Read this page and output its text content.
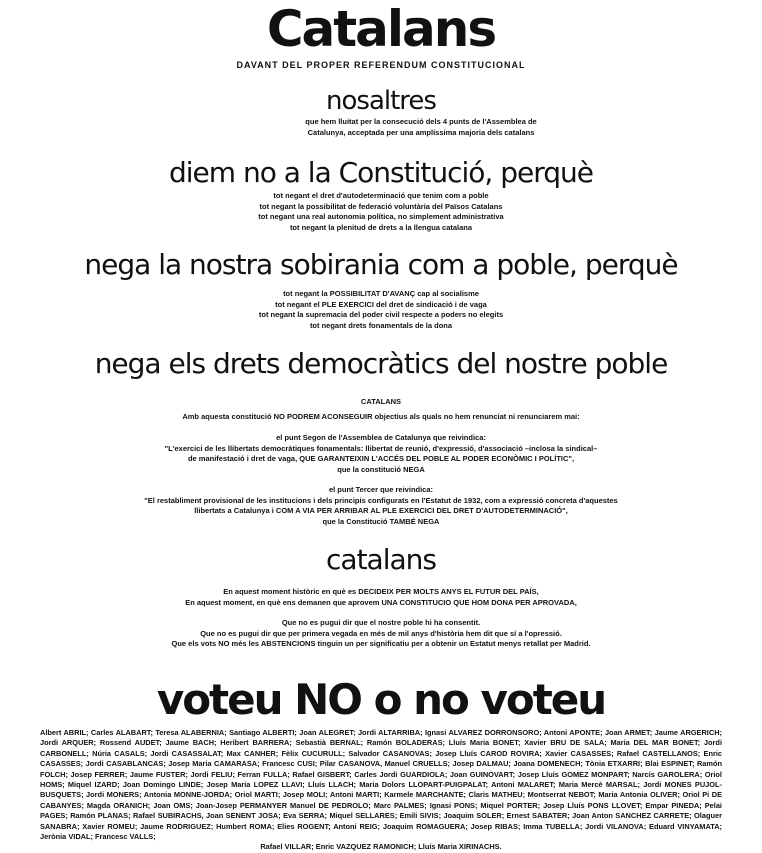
Catalans
DAVANT DEL PROPER REFERENDUM CONSTITUCIONAL
nosaltres
que hem lluitat per la consecució dels 4 punts de l'Assemblea de
Catalunya, acceptada per una amplíssima majoria dels catalans
diem no a la Constitució, perquè
tot negant el dret d'autodeterminació que tenim com a poble
tot negant la possibilitat de federació voluntària del Països Catalans
tot negant una real autonomia política, no simplement administrativa
tot negant la plenitud de drets a la llengua catalana
nega la nostra sobirania com a poble, perquè
tot negant la POSSIBILITAT D'AVANÇ cap al socialisme
tot negant el PLE EXERCICI del dret de sindicació i de vaga
tot negant la supremacia del poder civil respecte a poders no elegits
tot negant drets fonamentals de la dona
nega els drets democràtics del nostre poble
CATALANS
Amb aquesta constitució NO PODREM ACONSEGUIR objectius als quals no hem renunciat ni renunciarem mai:
el punt Segon de l'Assemblea de Catalunya que reivindica:
"L'exercici de les llibertats democràtiques fonamentals: llibertat de reunió, d'expressió, d'associació –inclosa la sindical–
de manifestació i dret de vaga, QUE GARANTEIXIN L'ACCÉS DEL POBLE AL PODER ECONÒMIC I POLÍTIC",
que la constitució NEGA
el punt Tercer que reivindica:
"El restabliment provisional de les institucions i dels principis configurats en l'Estatut de 1932, com a expressió concreta d'aquestes
llibertats a Catalunya i COM A VIA PER ARRIBAR AL PLE EXERCICI DEL DRET D'AUTODETERMINACIÓ",
que la Constitució TAMBÉ NEGA
catalans
En aquest moment històric en què es DECIDEIX PER MOLTS ANYS EL FUTUR DEL PAÍS,
En aquest moment, en què ens demanen que aprovem UNA CONSTITUCIO QUE HOM DONA PER APROVADA,
Que no es pugui dir que el nostre poble hi ha consentit.
Que no es pugui dir que per primera vegada en més de mil anys d'història hem dit que sí a l'opressió.
Que els vots NO més les ABSTENCIONS tinguin un per significatiu per a obtenir un Estatut menys retallat per Madrid.
voteu NO o no voteu
Albert ABRIL; Carles ALABART; Teresa ALABERNIA; Santiago ALBERTI; Joan ALEGRET; Jordi ALTARRIBA; Ignasi ALVAREZ DORRONSORO; Antoni APONTE; Joan ARMET; Jaume ARGERICH; Jordi ARQUER; Rossend AUDET; Jaume BACH; Heribert BARRERA; Sebastià BERNAL; Ramón BOLADERAS; Lluís Maria BONET; Xavier BRU DE SALA; Maria DEL MAR BONET; Jordi CARBONELL; Núria CASALS; Jordi CASASSALAT; Max CANHER; Fèlix CUCURULL; Salvador CASANOVAS; Josep Lluís CAROD ROVIRA; Xavier CASASSES; Rafael CASTELLANOS; Enric CASASSES; Jordi CASABLANCAS; Josep Maria CAMARASA; Francesc CUSI; Pilar CASANOVA, Manuel CRUELLS; Josep DALMAU; Joana DOMENECH; Tònia ETXARRI; Blai ESPINET; Ramón FOLCH; Josep FERRER; Jaume FUSTER; Jordi FELIU; Ferran FULLA; Rafael GISBERT; Carles Jordi GUARDIOLA; Joan GUINOVART; Josep Lluís GOMEZ MONPART; Narcís GAROLERA; Oriol HOMS; Miquel IZARD; Joan Domingo LINDE; Josep Maria LOPEZ LLAVI; Lluís LLACH; Maria Dolors LLOPART-PUIGPALAT; Antoni MALARET; Maria Mercè MARSAL; Jordi MONES PUJOL-BUSQUETS; Jordi MONERS; Antonia MONNE-JORDA; Oriol MARTI; Josep MOLI; Antoni MARTI; Karmele MARCHANTE; Claris MATHEU; Montserrat NEBOT; Maria Antonia OLIVER; Oriol Pi DE CABANYES; Magda ORANICH; Joan OMS; Joan-Josep PERMANYER Manuel DE PEDROLO; Marc PALMES; Ignasi PONS; Miquel PORTER; Josep Lluís PONS LLOVET; Empar PINEDA; Pelai PAGES; Ramón PLANAS; Rafael SUBIRACHS, Joan SENENT JOSA; Eva SERRA; Miquel SELLARES; Emili SIVIS; Joaquim SOLER; Ernest SABATER; Joan Anton SANCHEZ CARRETE; Olaguer SANABRA; Xavier ROMEU; Jaume RODRIGUEZ; Humbert ROMA; Elies ROGENT; Antoni REIG; Joaquim ROMAGUERA; Josep RIBAS; Imma TUBELLA; Jordi VILANOVA; Eduard VINYAMATA; Jerònia VIDAL; Francesc VALLS;
Rafael VILLAR; Enric VAZQUEZ RAMONICH; Lluís Maria XIRINACHS.
